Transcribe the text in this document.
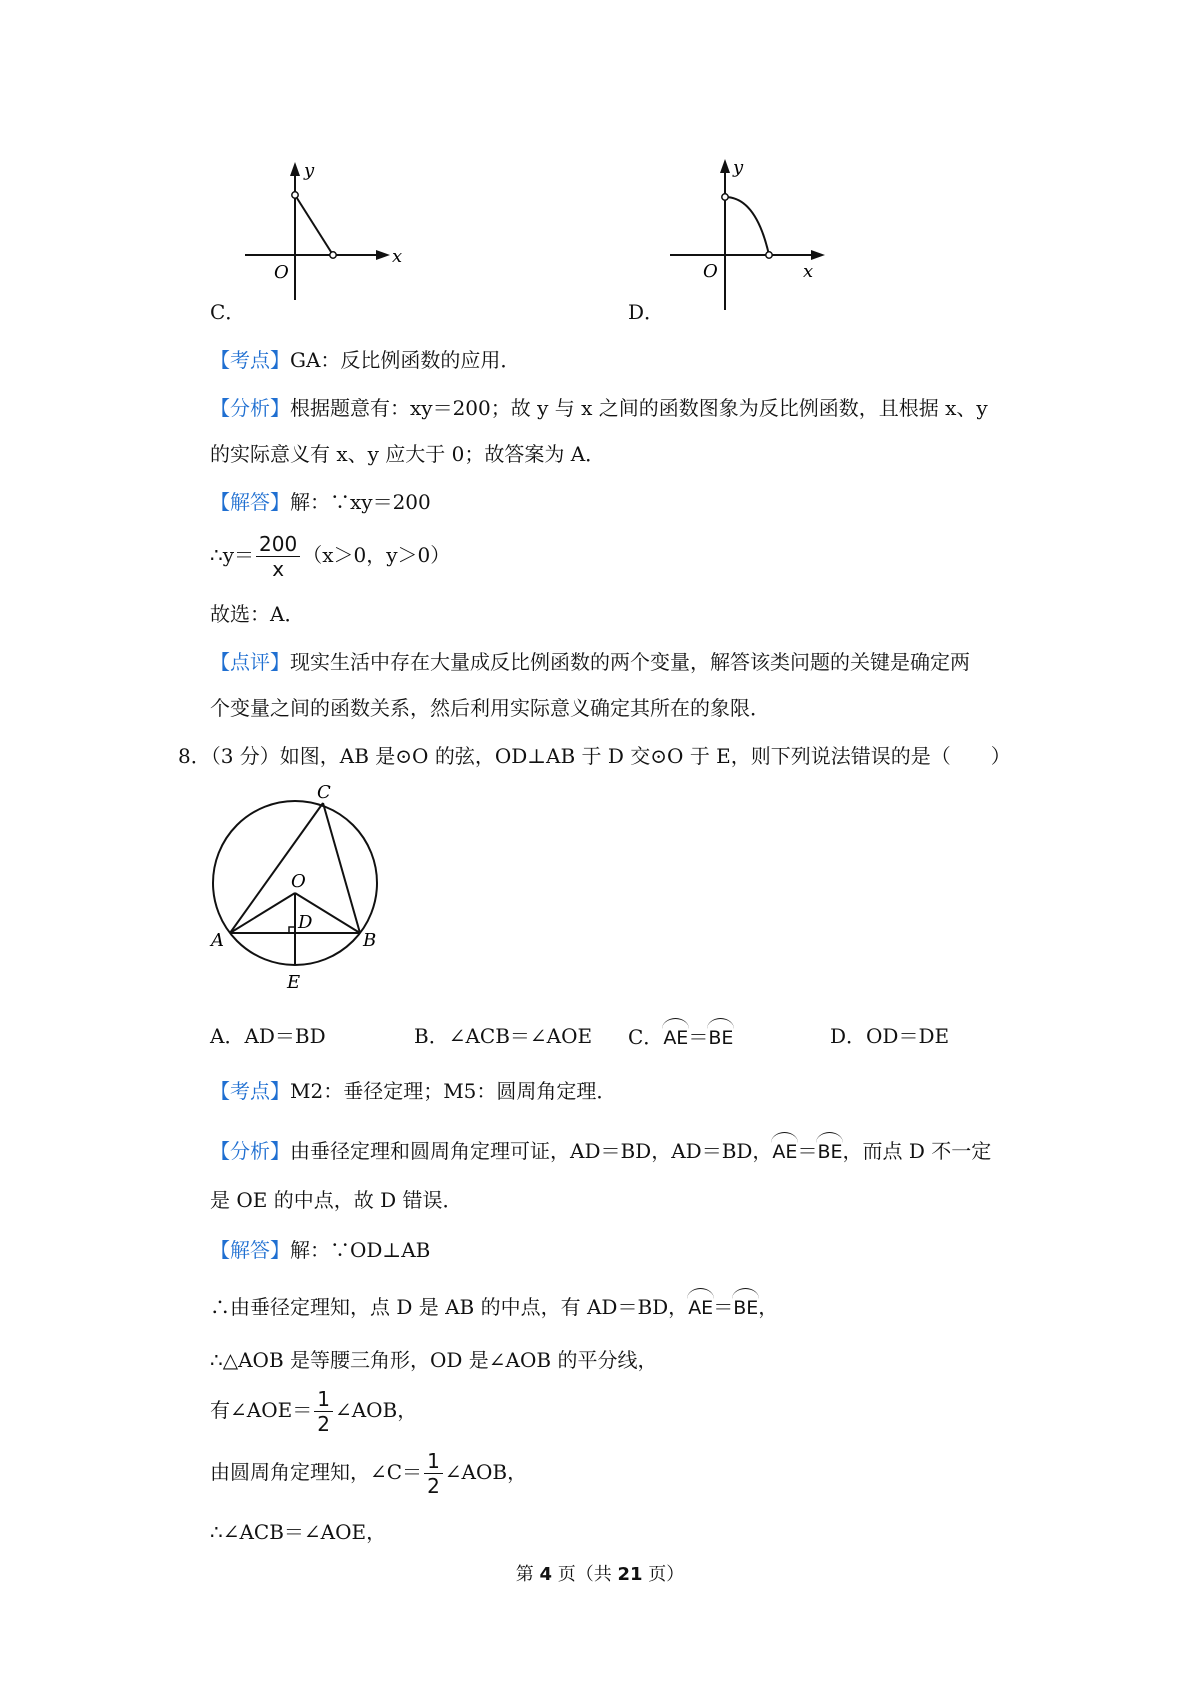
y
x
O
C．
y
x
O
D．
【考点】GA：反比例函数的应用．
【分析】根据题意有：xy＝200；故 y 与 x 之间的函数图象为反比例函数，且根据 x、y
的实际意义有 x、y 应大于 0；故答案为 A．
【解答】解：∵xy＝200
∴y＝ $\frac{200}{x} (x>0$，y＞0）
故选：A．
【点评】现实生活中存在大量成反比例函数的两个变量，解答该类问题的关键是确定两
个变量之间的函数关系，然后利用实际意义确定其所在的象限．
8．（3 分）如图，AB 是⊙O 的弦，OD⊥AB 于 D 交⊙O 于 E，则下列说法错误的是（　　）
C
O
D
A	B
E
A．AD＝BD	B．∠ACB＝∠AOE C．AE＝BE	D．OD＝DE
【考点】M2：垂径定理；M5：圆周角定理．
【分析】由垂径定理和圆周角定理可证，AD＝BD，AD＝BD，AE＝BE，而点 D 不一定
是 OE 的中点，故 D 错误．
【解答】解：∵OD⊥AB
∴由垂径定理知，点 D 是 AB 的中点，有 AD＝BD，AE＝BE，
∴△AOB 是等腰三角形，OD 是∠AOB 的平分线，
有∠AOE＝ $\frac{1}{2}$ ∠AOB，
由圆周角定理知，∠C＝ $\frac{1}{2}$ ∠AOB，
∴∠ACB＝∠AOE，
第 4 页（共 21 页）
